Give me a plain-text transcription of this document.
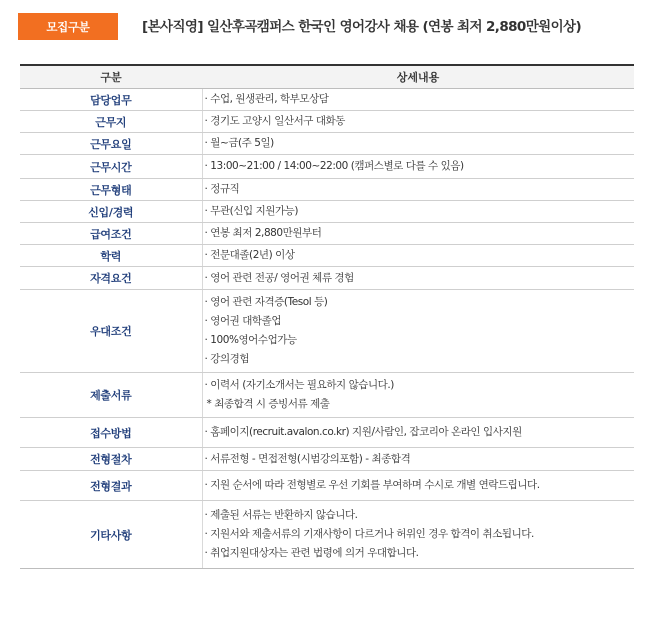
모집구분	[본사직영] 일산후곡캠퍼스 한국인 영어강사 채용 (연봉 최저 2,880만원이상)
구분	상세내용
담당업무	· 수업, 원생관리, 학부모상담

근무지	· 경기도 고양시 일산서구 대화동

근무요일	· 월~금(주 5일)

근무시간	· 13:00~21:00 / 14:00~22:00 (캠퍼스별로 다를 수 있음)

근무형태	· 정규직

신입/경력	· 무관(신입 지원가능)

급여조건	· 연봉 최저 2,880만원부터

학력	· 전문대졸(2년) 이상

자격요건	· 영어 관련 전공/ 영어권 체류 경험

우대조건	· 영어 관련 자격증(Tesol 등)
· 영어권 대학졸업
· 100%영어수업가능
· 강의경험

제출서류	· 이력서 (자기소개서는 필요하지 않습니다.)
* 최종합격 시 증빙서류 제출

접수방법	· 홈페이지(recruit.avalon.co.kr) 지원/사람인, 잡코리아 온라인 입사지원

전형절차	· 서류전형 - 면접전형(시범강의포함) - 최종합격

전형결과	· 지원 순서에 따라 전형별로 우선 기회를 부여하며 수시로 개별 연락드립니다.

기타사항	· 제출된 서류는 반환하지 않습니다.
· 지원서와 제출서류의 기재사항이 다르거나 허위인 경우 합격이 취소됩니다.
· 취업지원대상자는 관련 법령에 의거 우대합니다.
